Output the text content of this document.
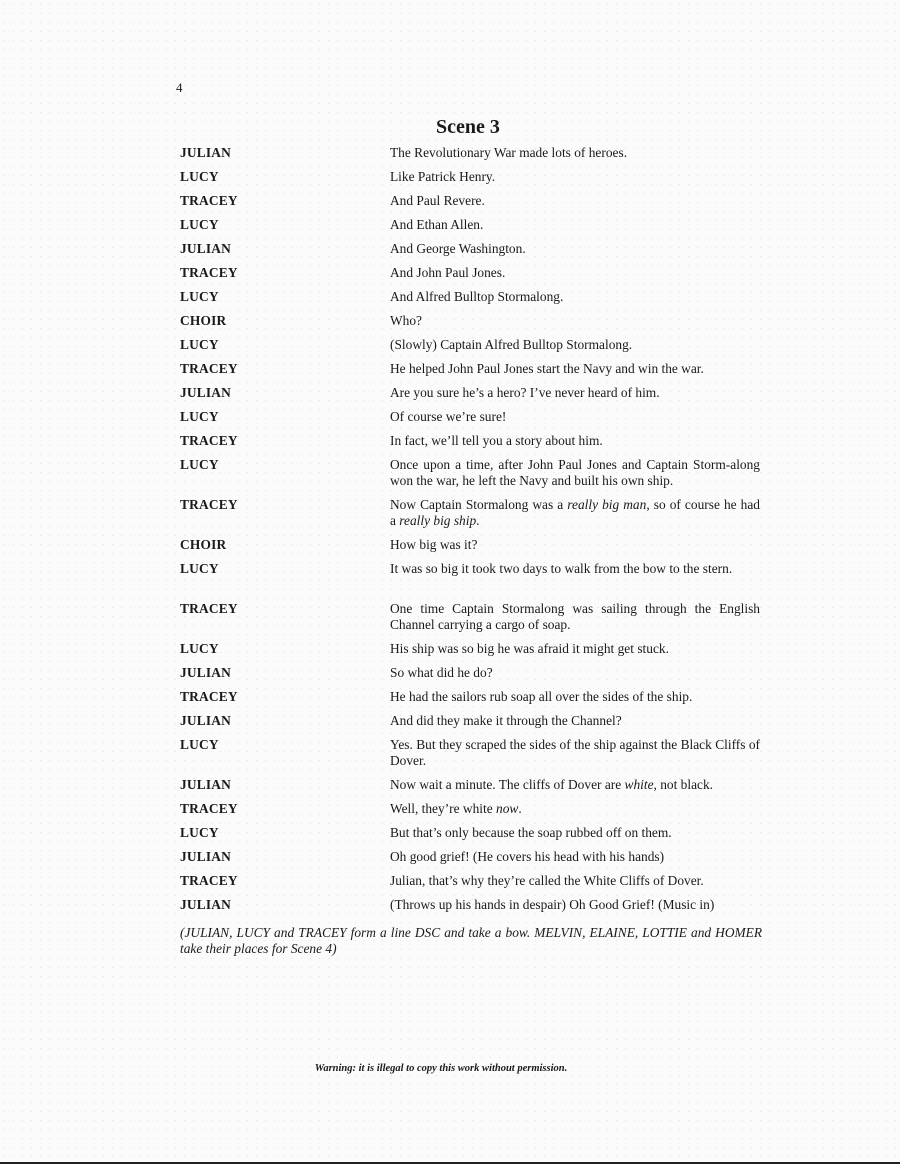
4
Scene 3
JULIAN	The Revolutionary War made lots of heroes.
LUCY	Like Patrick Henry.
TRACEY	And Paul Revere.
LUCY	And Ethan Allen.
JULIAN	And George Washington.
TRACEY	And John Paul Jones.
LUCY	And Alfred Bulltop Stormalong.
CHOIR	Who?
LUCY	(Slowly) Captain Alfred Bulltop Stormalong.
TRACEY	He helped John Paul Jones start the Navy and win the war.
JULIAN	Are you sure he’s a hero? I’ve never heard of him.
LUCY	Of course we’re sure!
TRACEY	In fact, we’ll tell you a story about him.
LUCY	Once upon a time, after John Paul Jones and Captain Storm-along won the war, he left the Navy and built his own ship.
TRACEY	Now Captain Stormalong was a really big man, so of course he had a really big ship.
CHOIR	How big was it?
LUCY	It was so big it took two days to walk from the bow to the stern.
TRACEY	One time Captain Stormalong was sailing through the English Channel carrying a cargo of soap.
LUCY	His ship was so big he was afraid it might get stuck.
JULIAN	So what did he do?
TRACEY	He had the sailors rub soap all over the sides of the ship.
JULIAN	And did they make it through the Channel?
LUCY	Yes. But they scraped the sides of the ship against the Black Cliffs of Dover.
JULIAN	Now wait a minute. The cliffs of Dover are white, not black.
TRACEY	Well, they’re white now.
LUCY	But that’s only because the soap rubbed off on them.
JULIAN	Oh good grief! (He covers his head with his hands)
TRACEY	Julian, that’s why they’re called the White Cliffs of Dover.
JULIAN	(Throws up his hands in despair) Oh Good Grief! (Music in)
(JULIAN, LUCY and TRACEY form a line DSC and take a bow. MELVIN, ELAINE, LOTTIE and HOMER take their places for Scene 4)
Warning: it is illegal to copy this work without permission.
